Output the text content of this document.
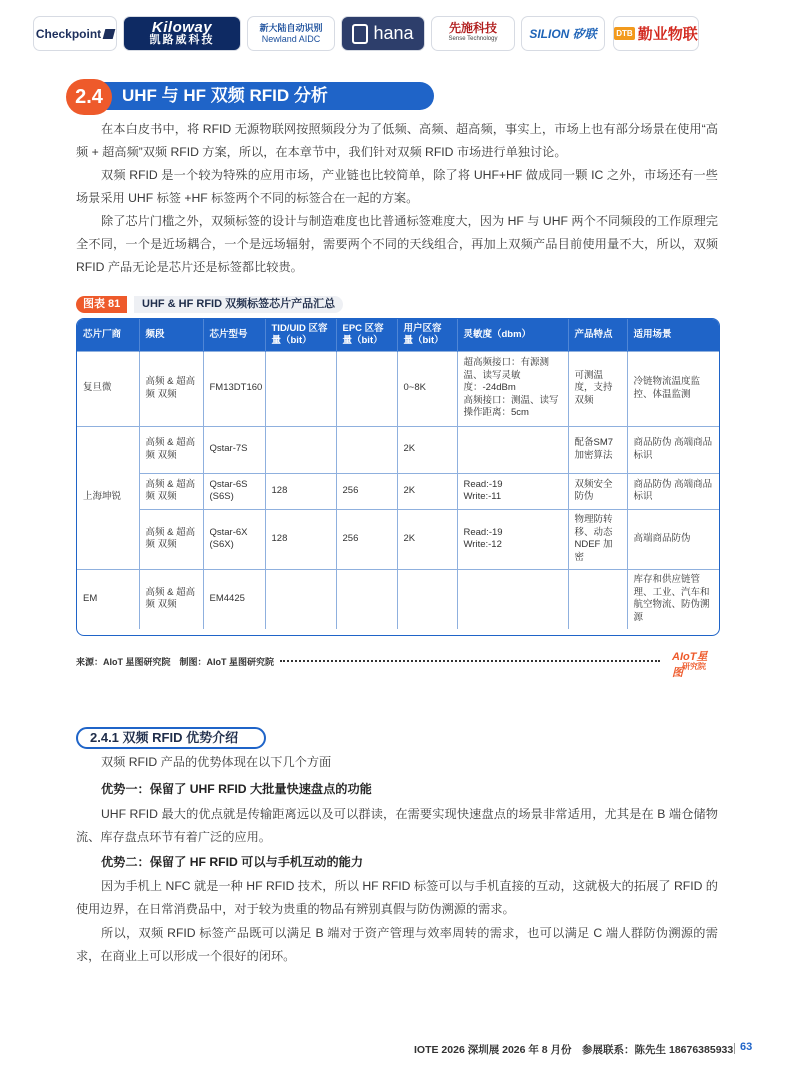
Checkpoint	Kiloway
凯路威科技
新大陆自动识别
Newland AIDC	hana	先施科技
Sense Technology	SILION 矽联 DTB 勤业物联
2.4	UHF 与 HF 双频 RFID 分析

在本白皮书中，将 RFID 无源物联网按照频段分为了低频、高频、超高频，事实上，市场上也有部分场景在使用“高频 + 超高频”双频 RFID 方案，所以，在本章节中，我们针对双频 RFID 市场进行单独讨论。

双频 RFID 是一个较为特殊的应用市场，产业链也比较简单，除了将 UHF+HF 做成同一颗 IC 之外，市场还有一些场景采用 UHF 标签 +HF 标签两个不同的标签合在一起的方案。

除了芯片门槛之外，双频标签的设计与制造难度也比普通标签难度大，因为 HF 与 UHF 两个不同频段的工作原理完全不同，一个是近场耦合，一个是远场辐射，需要两个不同的天线组合，再加上双频产品目前使用量不大，所以，双频 RFID 产品无论是芯片还是标签都比较贵。

图表 81	UHF & HF RFID 双频标签芯片产品汇总
芯片厂商	频段	芯片型号	TID/UID 区容量（bit）	EPC 区容量（bit）	用户区容量（bit）	灵敏度（dbm）	产品特点	适用场景
复旦微	高频 & 超高频 双频	FM13DT160			0~8K	超高频接口：有源测温、读写灵敏度：-24dBm
高频接口：测温、读写操作距离：5cm	可测温度，支持双频	冷链物流温度监控、体温监测
上海坤锐	高频 & 超高频 双频	Qstar-7S			2K		配备SM7 加密算法	商品防伪 高端商品标识
	高频 & 超高频 双频	Qstar-6S (S6S)	128	256	2K	Read:-19
Write:-11	双频安全防伪	商品防伪 高端商品标识
	高频 & 超高频 双频	Qstar-6X (S6X)	128	256	2K	Read:-19
Write:-12	物理防转移、动态NDEF 加密	高端商品防伪
EM	高频 & 超高频 双频	EM4425						库存和供应链管理、工业、汽车和航空物流、防伪溯源
来源：AIoT 星图研究院　制图：AIoT 星图研究院	AIoT星图
研究院
2.4.1 双频 RFID 优势介绍

双频 RFID 产品的优势体现在以下几个方面

优势一：保留了 UHF RFID 大批量快速盘点的功能

UHF RFID 最大的优点就是传输距离远以及可以群读，在需要实现快速盘点的场景非常适用，尤其是在 B 端仓储物流、库存盘点环节有着广泛的应用。

优势二：保留了 HF RFID 可以与手机互动的能力

因为手机上 NFC 就是一种 HF RFID 技术，所以 HF RFID 标签可以与手机直接的互动，这就极大的拓展了 RFID 的使用边界，在日常消费品中，对于较为贵重的物品有辨别真假与防伪溯源的需求。

所以，双频 RFID 标签产品既可以满足 B 端对于资产管理与效率周转的需求，也可以满足 C 端人群防伪溯源的需求，在商业上可以形成一个很好的闭环。

IOTE 2026 深圳展 2026 年 8 月份　参展联系：陈先生 18676385933 63
